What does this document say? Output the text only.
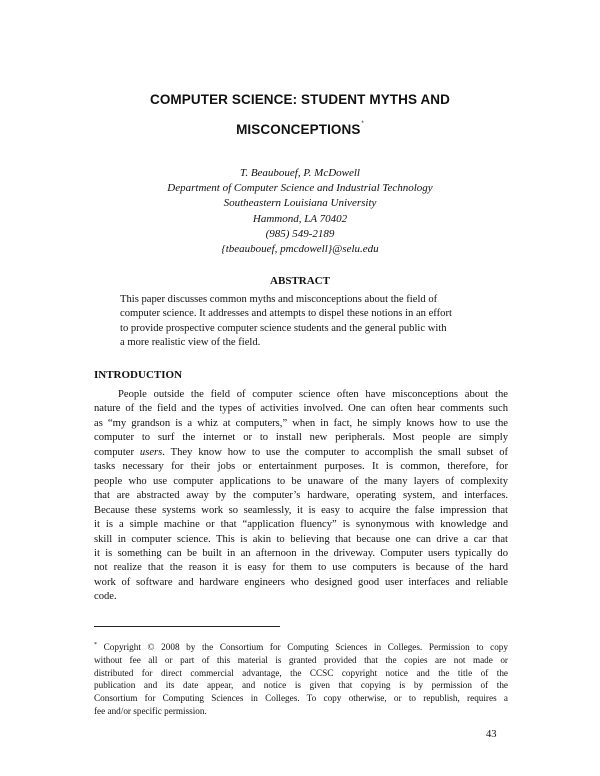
COMPUTER SCIENCE: STUDENT MYTHS AND
MISCONCEPTIONS*
T. Beaubouef, P. McDowell
Department of Computer Science and Industrial Technology
Southeastern Louisiana University
Hammond, LA 70402
(985) 549-2189
{tbeaubouef, pmcdowell}@selu.edu
ABSTRACT
This paper discusses common myths and misconceptions about the field of
computer science. It addresses and attempts to dispel these notions in an effort
to provide prospective computer science students and the general public with
a more realistic view of the field.
INTRODUCTION
People outside the field of computer science often have misconceptions about the
nature of the field and the types of activities involved. One can often hear comments such
as “my grandson is a whiz at computers,” when in fact, he simply knows how to use the
computer to surf the internet or to install new peripherals. Most people are simply
computer users. They know how to use the computer to accomplish the small subset of
tasks necessary for their jobs or entertainment purposes. It is common, therefore, for
people who use computer applications to be unaware of the many layers of complexity
that are abstracted away by the computer’s hardware, operating system, and interfaces.
Because these systems work so seamlessly, it is easy to acquire the false impression that
it is a simple machine or that “application fluency” is synonymous with knowledge and
skill in computer science. This is akin to believing that because one can drive a car that
it is something can be built in an afternoon in the driveway. Computer users typically do
not realize that the reason it is easy for them to use computers is because of the hard
work of software and hardware engineers who designed good user interfaces and reliable
code.
* Copyright © 2008 by the Consortium for Computing Sciences in Colleges. Permission to copy
without fee all or part of this material is granted provided that the copies are not made or
distributed for direct commercial advantage, the CCSC copyright notice and the title of the
publication and its date appear, and notice is given that copying is by permission of the
Consortium for Computing Sciences in Colleges. To copy otherwise, or to republish, requires a
fee and/or specific permission.
43
